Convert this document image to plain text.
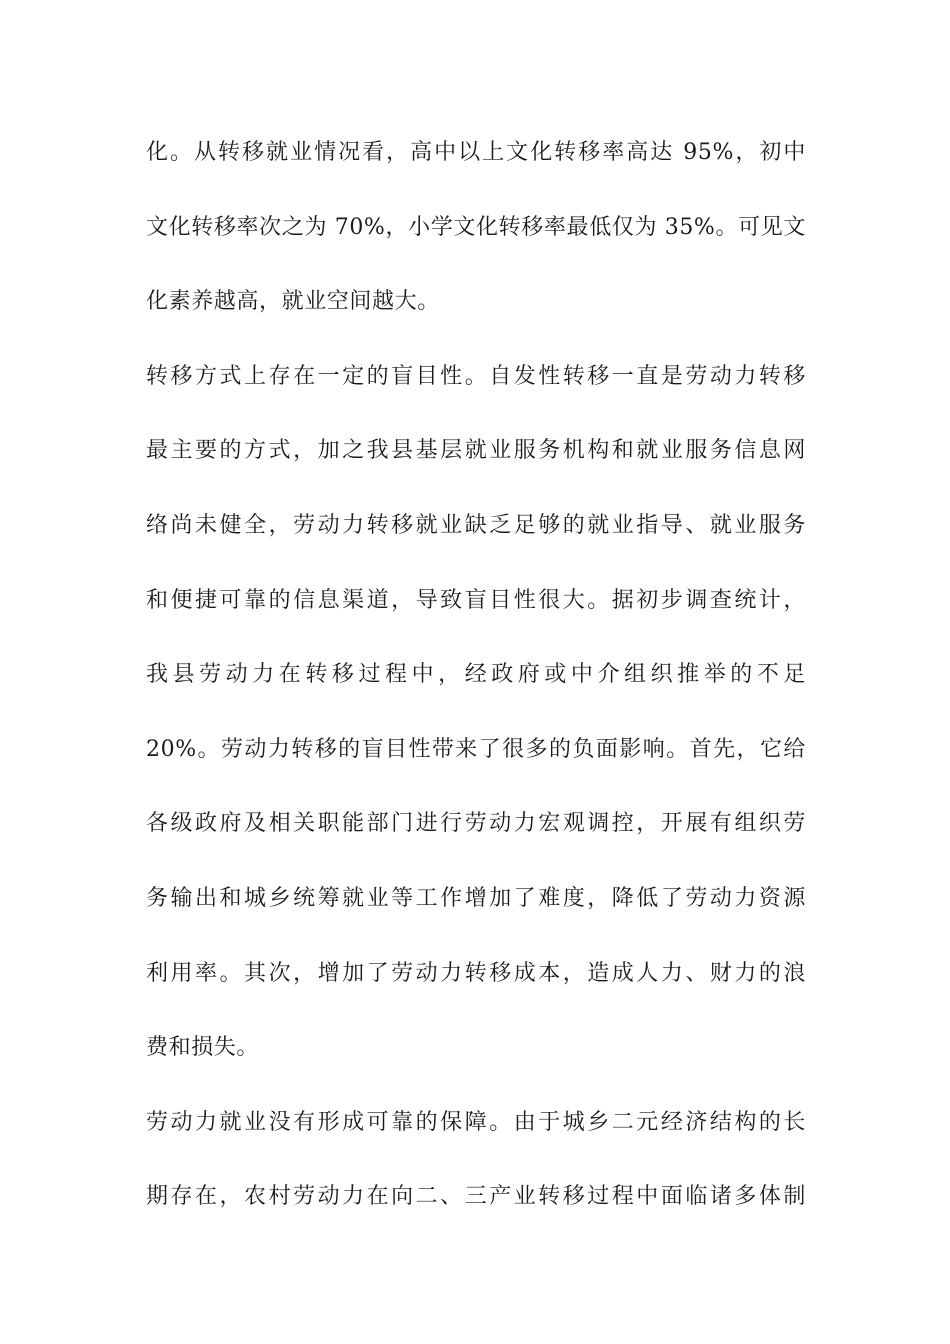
化。从转移就业情况看，高中以上文化转移率高达 95%，初中
文化转移率次之为 70%，小学文化转移率最低仅为 35%。可见文
化素养越高，就业空间越大。
转移方式上存在一定的盲目性。自发性转移一直是劳动力转移
最主要的方式，加之我县基层就业服务机构和就业服务信息网
络尚未健全，劳动力转移就业缺乏足够的就业指导、就业服务
和便捷可靠的信息渠道，导致盲目性很大。据初步调查统计，
我县劳动力在转移过程中，经政府或中介组织推举的不足
20%。劳动力转移的盲目性带来了很多的负面影响。首先，它给
各级政府及相关职能部门进行劳动力宏观调控，开展有组织劳
务输出和城乡统筹就业等工作增加了难度，降低了劳动力资源
利用率。其次，增加了劳动力转移成本，造成人力、财力的浪
费和损失。
劳动力就业没有形成可靠的保障。由于城乡二元经济结构的长
期存在，农村劳动力在向二、三产业转移过程中面临诸多体制
